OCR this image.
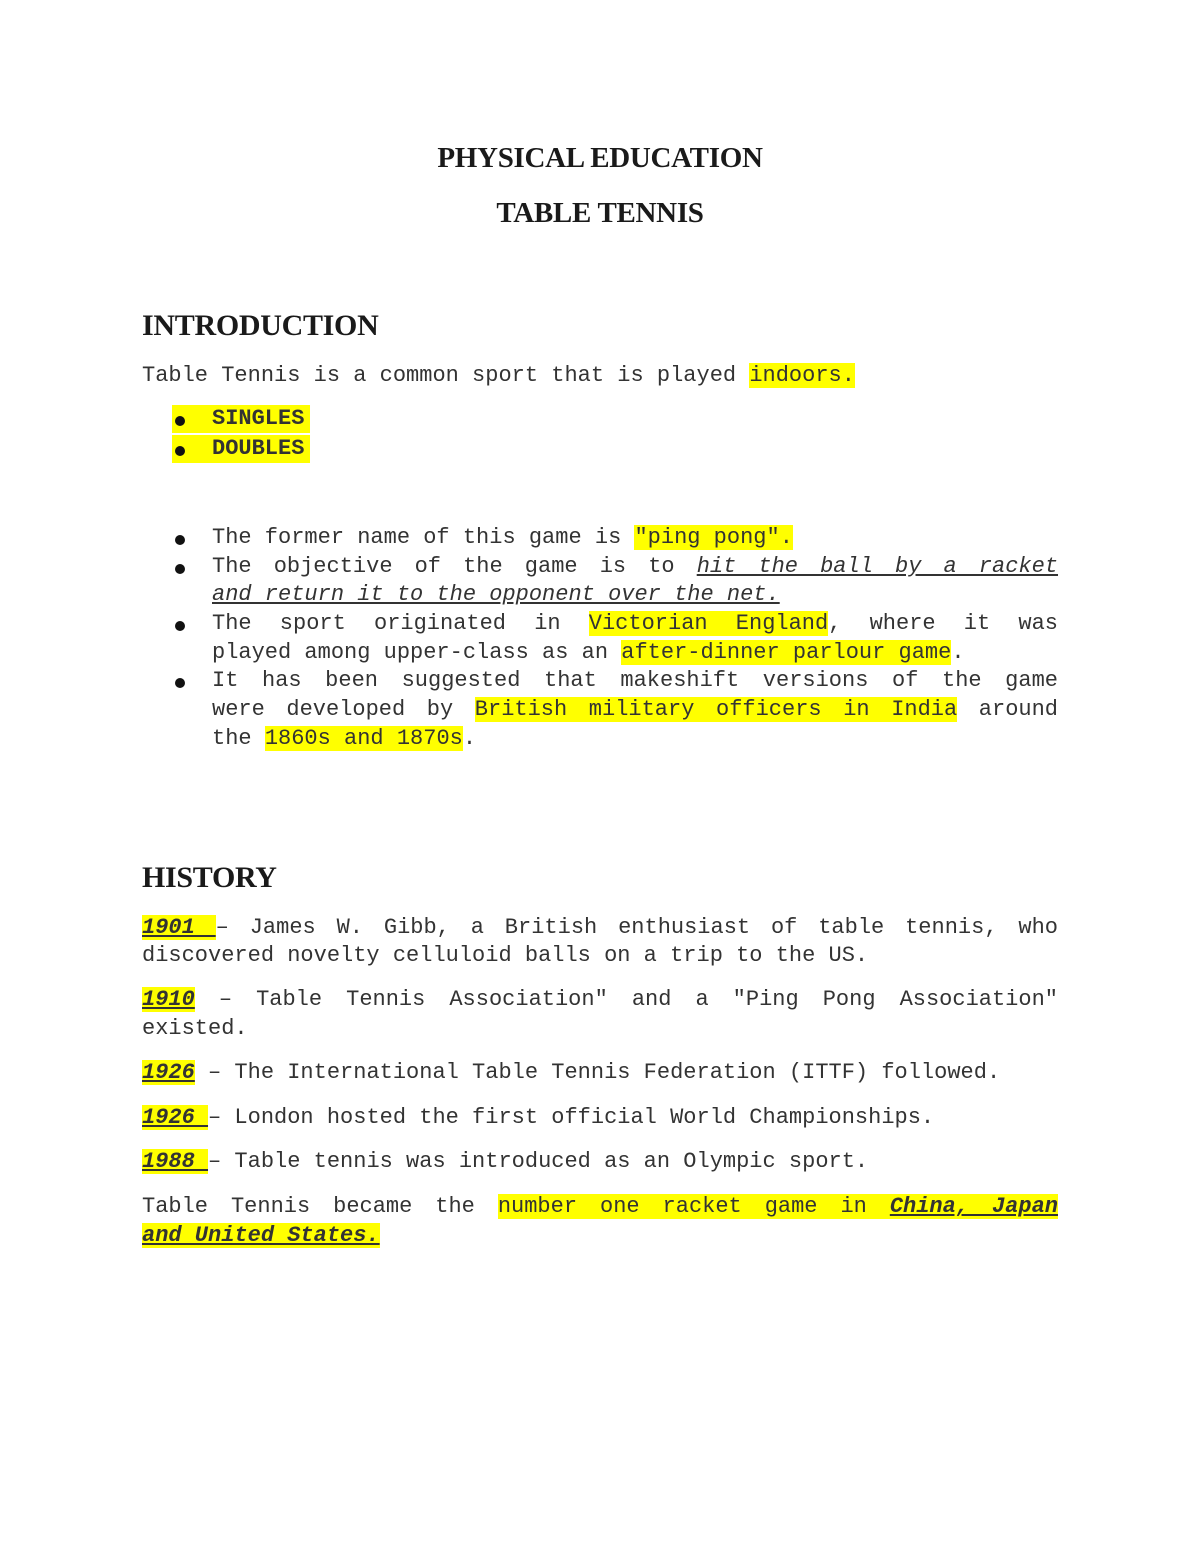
PHYSICAL EDUCATION

TABLE TENNIS

INTRODUCTION

Table Tennis is a common sport that is played indoors.

SINGLES

DOUBLES

The former name of this game is "ping pong".

The objective of the game is to hit the ball by a racket

and return it to the opponent over the net.

The sport originated in Victorian England, where it was

played among upper-class as an after-dinner parlour game.

It has been suggested that makeshift versions of the game

were developed by British military officers in India around

the 1860s and 1870s.

HISTORY

1901 – James W. Gibb, a British enthusiast of table tennis, who

discovered novelty celluloid balls on a trip to the US.

1910 – Table Tennis Association" and a "Ping Pong Association"

existed.

1926 – The International Table Tennis Federation (ITTF) followed.

1926 – London hosted the first official World Championships.

1988 – Table tennis was introduced as an Olympic sport.

Table Tennis became the number one racket game in China, Japan

and United States.
